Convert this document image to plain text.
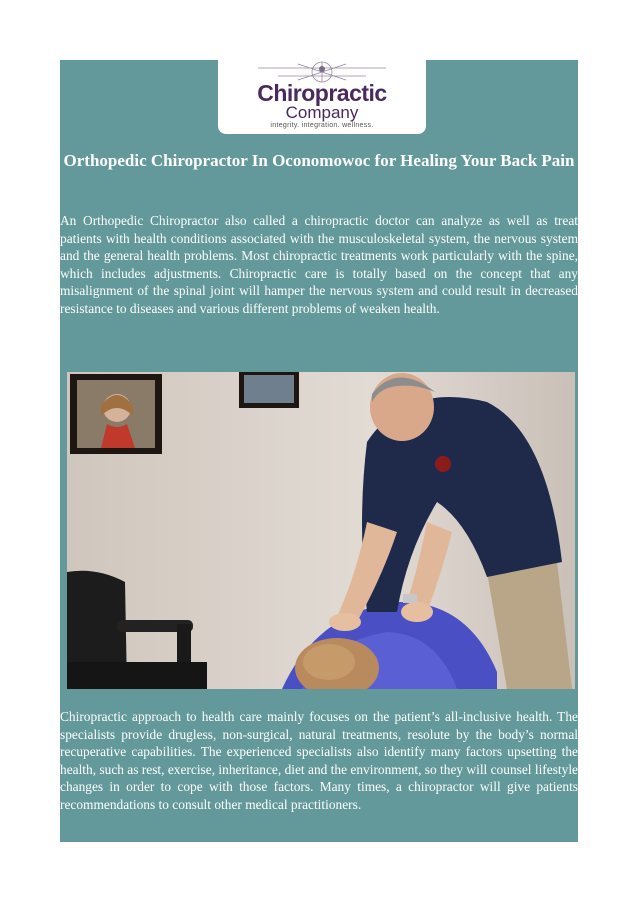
Chiropractic
Company
integrity. integration. wellness.
Orthopedic Chiropractor In Oconomowoc for Healing Your Back Pain
An Orthopedic Chiropractor also called a chiropractic doctor can analyze as well as treat patients with health conditions associated with the musculoskeletal system, the nervous system and the general health problems. Most chiropractic treatments work particularly with the spine, which includes adjustments. Chiropractic care is totally based on the concept that any misalignment of the spinal joint will hamper the nervous system and could result in decreased resistance to diseases and various different problems of weaken health.
Chiropractic approach to health care mainly focuses on the patient’s all-inclusive health. The specialists provide drugless, non-surgical, natural treatments, resolute by the body’s normal recuperative capabilities. The experienced specialists also identify many factors upsetting the health, such as rest, exercise, inheritance, diet and the environment, so they will counsel lifestyle changes in order to cope with those factors. Many times, a chiropractor will give patients recommendations to consult other medical practitioners.
